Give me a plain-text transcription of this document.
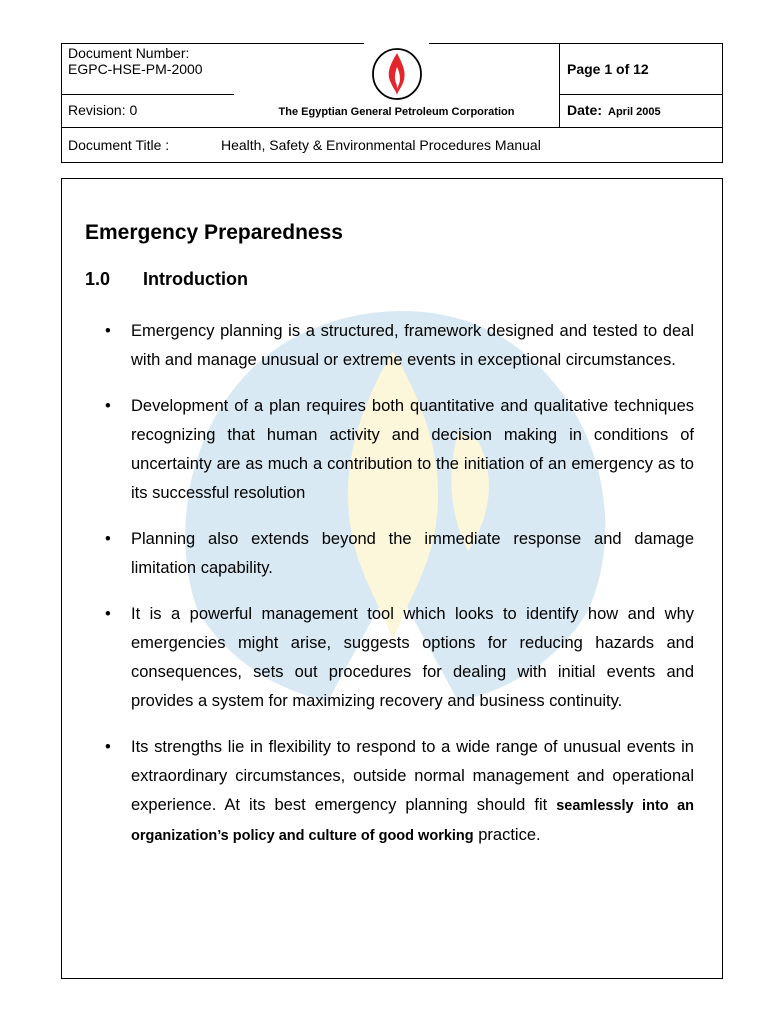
Document Number:
EGPC-HSE-PM-2000
The Egyptian General Petroleum Corporation
Page 1 of 12
Revision: 0	Date: April 2005
Document Title :	Health, Safety & Environmental Procedures Manual
Emergency Preparedness
1.0 Introduction
• Emergency planning is a structured, framework designed and tested to deal with and manage unusual or extreme events in exceptional circumstances.
• Development of a plan requires both quantitative and qualitative techniques recognizing that human activity and decision making in conditions of uncertainty are as much a contribution to the initiation of an emergency as to its successful resolution
• Planning also extends beyond the immediate response and damage limitation capability.
• It is a powerful management tool which looks to identify how and why emergencies might arise, suggests options for reducing hazards and consequences, sets out procedures for dealing with initial events and provides a system for maximizing recovery and business continuity.
• Its strengths lie in flexibility to respond to a wide range of unusual events in extraordinary circumstances, outside normal management and operational experience. At its best emergency planning should fit seamlessly into an organization’s policy and culture of good working practice.
